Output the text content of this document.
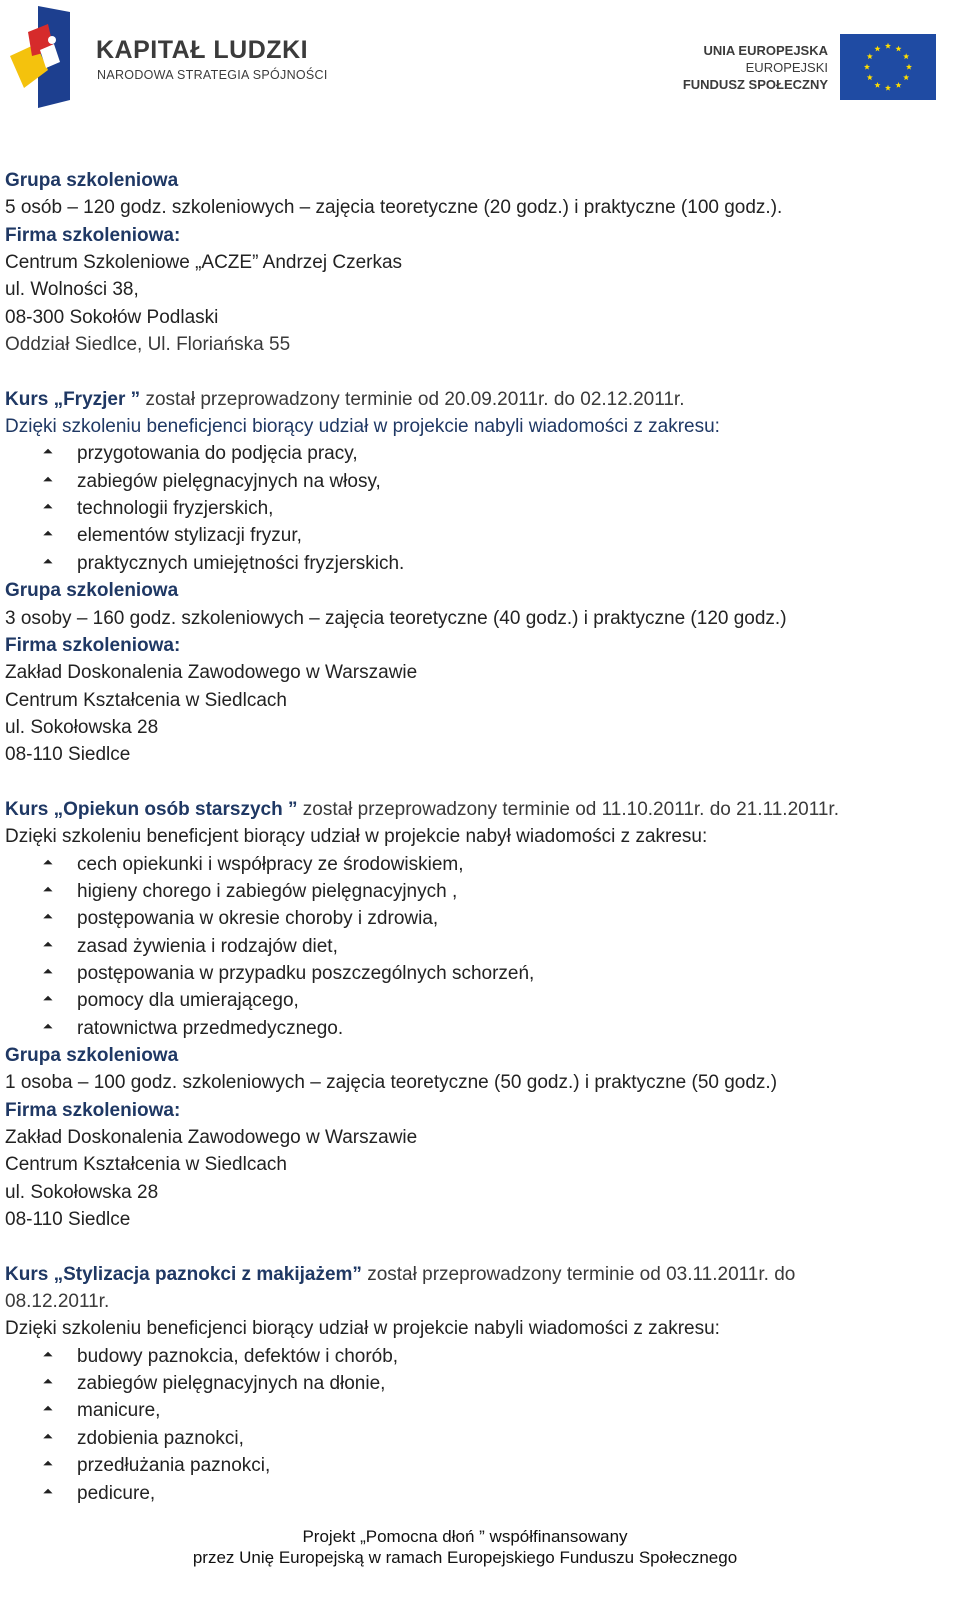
KAPITAŁ LUDZKI
NARODOWA STRATEGIA SPÓJNOŚCI
UNIA EUROPEJSKA
EUROPEJSKI
FUNDUSZ SPOŁECZNY
Grupa szkoleniowa
5 osób – 120 godz. szkoleniowych – zajęcia teoretyczne (20 godz.) i praktyczne (100 godz.).
Firma szkoleniowa:
Centrum Szkoleniowe „ACZE” Andrzej Czerkas
ul. Wolności 38,
08-300 Sokołów Podlaski
Oddział Siedlce, Ul. Floriańska 55
Kurs „Fryzjer ” został przeprowadzony terminie od 20.09.2011r. do 02.12.2011r.
Dzięki szkoleniu beneficjenci biorący udział w projekcie nabyli wiadomości z zakresu:
🞁 przygotowania do podjęcia pracy,
🞁 zabiegów pielęgnacyjnych na włosy,
🞁 technologii fryzjerskich,
🞁 elementów stylizacji fryzur,
🞁 praktycznych umiejętności fryzjerskich.
Grupa szkoleniowa
3 osoby – 160 godz. szkoleniowych – zajęcia teoretyczne (40 godz.) i praktyczne (120 godz.)
Firma szkoleniowa:
Zakład Doskonalenia Zawodowego w Warszawie
Centrum Kształcenia w Siedlcach
ul. Sokołowska 28
08-110 Siedlce
Kurs „Opiekun osób starszych ” został przeprowadzony terminie od 11.10.2011r. do 21.11.2011r.
Dzięki szkoleniu beneficjent biorący udział w projekcie nabył wiadomości z zakresu:
🞁 cech opiekunki i współpracy ze środowiskiem,
🞁 higieny chorego i zabiegów pielęgnacyjnych ,
🞁 postępowania w okresie choroby i zdrowia,
🞁 zasad żywienia i rodzajów diet,
🞁 postępowania w przypadku poszczególnych schorzeń,
🞁 pomocy dla umierającego,
🞁 ratownictwa przedmedycznego.
Grupa szkoleniowa
1 osoba – 100 godz. szkoleniowych – zajęcia teoretyczne (50 godz.) i praktyczne (50 godz.)
Firma szkoleniowa:
Zakład Doskonalenia Zawodowego w Warszawie
Centrum Kształcenia w Siedlcach
ul. Sokołowska 28
08-110 Siedlce
Kurs „Stylizacja paznokci z makijażem” został przeprowadzony terminie od 03.11.2011r. do
08.12.2011r.
Dzięki szkoleniu beneficjenci biorący udział w projekcie nabyli wiadomości z zakresu:
🞁 budowy paznokcia, defektów i chorób,
🞁 zabiegów pielęgnacyjnych na dłonie,
🞁 manicure,
🞁 zdobienia paznokci,
🞁 przedłużania paznokci,
🞁 pedicure,
Projekt „Pomocna dłoń ” współfinansowany
przez Unię Europejską w ramach Europejskiego Funduszu Społecznego
